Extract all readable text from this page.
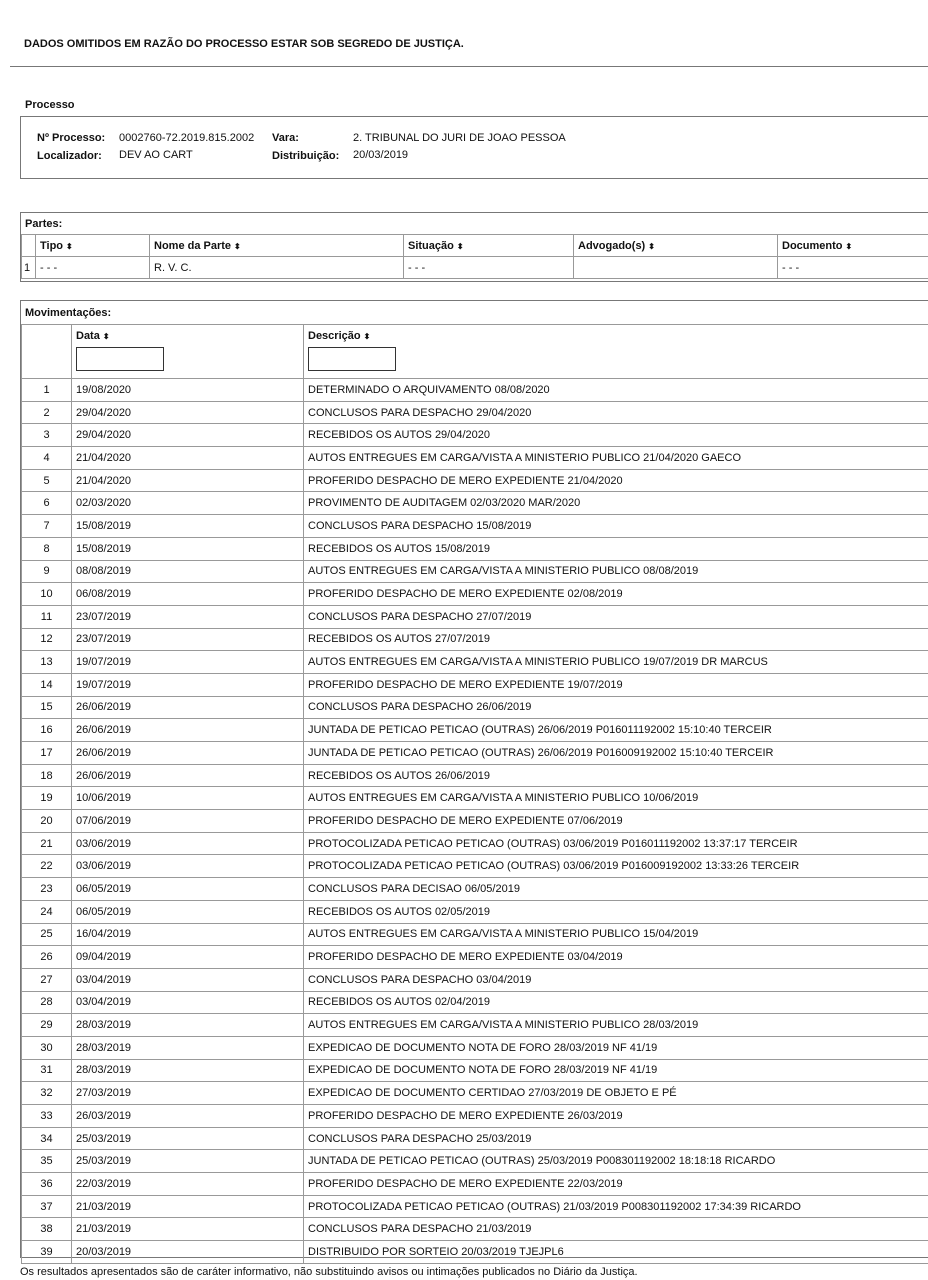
DADOS OMITIDOS EM RAZÃO DO PROCESSO ESTAR SOB SEGREDO DE JUSTIÇA.
Processo
Nº Processo: 0002760-72.2019.815.2002 Vara:	2. TRIBUNAL DO JURI DE JOAO PESSOA
Localizador: DEV AO CART	Distribuição: 20/03/2019
Partes:
	Tipo ⬍	Nome da Parte ⬍	Situação ⬍	Advogado(s) ⬍	Documento ⬍
1	- - -	R. V. C.	- - -		- - -
Movimentações:
	Data ⬍	Descrição ⬍

1	19/08/2020	DETERMINADO O ARQUIVAMENTO 08/08/2020
2	29/04/2020	CONCLUSOS PARA DESPACHO 29/04/2020
3	29/04/2020	RECEBIDOS OS AUTOS 29/04/2020
4	21/04/2020	AUTOS ENTREGUES EM CARGA/VISTA A MINISTERIO PUBLICO 21/04/2020 GAECO
5	21/04/2020	PROFERIDO DESPACHO DE MERO EXPEDIENTE 21/04/2020
6	02/03/2020	PROVIMENTO DE AUDITAGEM 02/03/2020 MAR/2020
7	15/08/2019	CONCLUSOS PARA DESPACHO 15/08/2019
8	15/08/2019	RECEBIDOS OS AUTOS 15/08/2019
9	08/08/2019	AUTOS ENTREGUES EM CARGA/VISTA A MINISTERIO PUBLICO 08/08/2019
10	06/08/2019	PROFERIDO DESPACHO DE MERO EXPEDIENTE 02/08/2019
11	23/07/2019	CONCLUSOS PARA DESPACHO 27/07/2019
12	23/07/2019	RECEBIDOS OS AUTOS 27/07/2019
13	19/07/2019	AUTOS ENTREGUES EM CARGA/VISTA A MINISTERIO PUBLICO 19/07/2019 DR MARCUS
14	19/07/2019	PROFERIDO DESPACHO DE MERO EXPEDIENTE 19/07/2019
15	26/06/2019	CONCLUSOS PARA DESPACHO 26/06/2019
16	26/06/2019	JUNTADA DE PETICAO PETICAO (OUTRAS) 26/06/2019 P016011192002 15:10:40 TERCEIR
17	26/06/2019	JUNTADA DE PETICAO PETICAO (OUTRAS) 26/06/2019 P016009192002 15:10:40 TERCEIR
18	26/06/2019	RECEBIDOS OS AUTOS 26/06/2019
19	10/06/2019	AUTOS ENTREGUES EM CARGA/VISTA A MINISTERIO PUBLICO 10/06/2019
20	07/06/2019	PROFERIDO DESPACHO DE MERO EXPEDIENTE 07/06/2019
21	03/06/2019	PROTOCOLIZADA PETICAO PETICAO (OUTRAS) 03/06/2019 P016011192002 13:37:17 TERCEIR
22	03/06/2019	PROTOCOLIZADA PETICAO PETICAO (OUTRAS) 03/06/2019 P016009192002 13:33:26 TERCEIR
23	06/05/2019	CONCLUSOS PARA DECISAO 06/05/2019
24	06/05/2019	RECEBIDOS OS AUTOS 02/05/2019
25	16/04/2019	AUTOS ENTREGUES EM CARGA/VISTA A MINISTERIO PUBLICO 15/04/2019
26	09/04/2019	PROFERIDO DESPACHO DE MERO EXPEDIENTE 03/04/2019
27	03/04/2019	CONCLUSOS PARA DESPACHO 03/04/2019
28	03/04/2019	RECEBIDOS OS AUTOS 02/04/2019
29	28/03/2019	AUTOS ENTREGUES EM CARGA/VISTA A MINISTERIO PUBLICO 28/03/2019
30	28/03/2019	EXPEDICAO DE DOCUMENTO NOTA DE FORO 28/03/2019 NF 41/19
31	28/03/2019	EXPEDICAO DE DOCUMENTO NOTA DE FORO 28/03/2019 NF 41/19
32	27/03/2019	EXPEDICAO DE DOCUMENTO CERTIDAO 27/03/2019 DE OBJETO E PÉ
33	26/03/2019	PROFERIDO DESPACHO DE MERO EXPEDIENTE 26/03/2019
34	25/03/2019	CONCLUSOS PARA DESPACHO 25/03/2019
35	25/03/2019	JUNTADA DE PETICAO PETICAO (OUTRAS) 25/03/2019 P008301192002 18:18:18 RICARDO
36	22/03/2019	PROFERIDO DESPACHO DE MERO EXPEDIENTE 22/03/2019
37	21/03/2019	PROTOCOLIZADA PETICAO PETICAO (OUTRAS) 21/03/2019 P008301192002 17:34:39 RICARDO
38	21/03/2019	CONCLUSOS PARA DESPACHO 21/03/2019
39	20/03/2019	DISTRIBUIDO POR SORTEIO 20/03/2019 TJEJPL6
Os resultados apresentados são de caráter informativo, não substituindo avisos ou intimações publicados no Diário da Justiça.
